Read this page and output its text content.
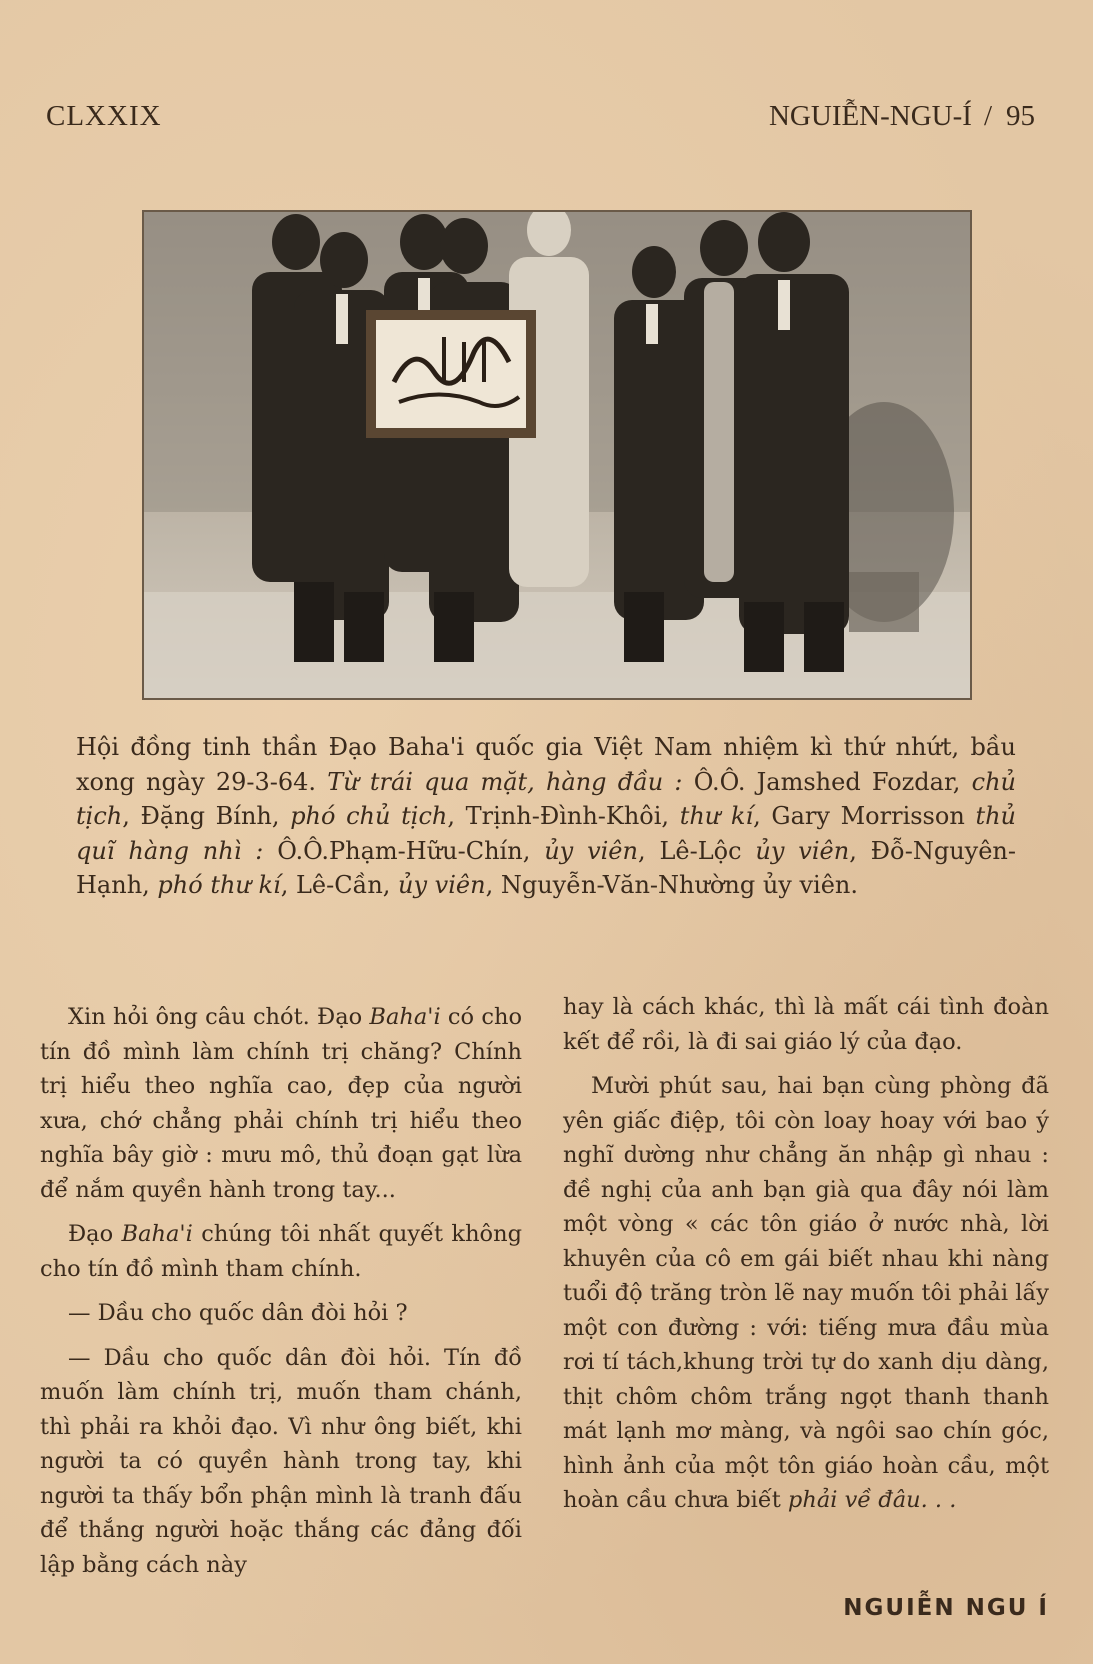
CLXXIX	NGUIỄN-NGU-Í / 95
Hội đồng tinh thần Đạo Baha'i quốc gia Việt Nam nhiệm kì thứ nhứt, bầu xong ngày 29-3-64. Từ trái qua mặt, hàng đầu : Ô.Ô. Jamshed Fozdar, chủ tịch, Đặng Bính, phó chủ tịch, Trịnh-Đình-Khôi, thư kí, Gary Morrisson thủ quĩ hàng nhì : Ô.Ô.Phạm-Hữu-Chín, ủy viên, Lê-Lộc ủy viên, Đỗ-Nguyên-Hạnh, phó thư kí, Lê-Cần, ủy viên, Nguyễn-Văn-Nhường ủy viên.

Xin hỏi ông câu chót. Đạo Baha'i có cho tín đồ mình làm chính trị chăng? Chính trị hiểu theo nghĩa cao, đẹp của người xưa, chớ chẳng phải chính trị hiểu theo nghĩa bây giờ : mưu mô, thủ đoạn gạt lừa để nắm quyền hành trong tay...

Đạo Baha'i chúng tôi nhất quyết không cho tín đồ mình tham chính.

— Dầu cho quốc dân đòi hỏi ?

— Dầu cho quốc dân đòi hỏi. Tín đồ muốn làm chính trị, muốn tham chánh, thì phải ra khỏi đạo. Vì như ông biết, khi người ta có quyền hành trong tay, khi người ta thấy bổn phận mình là tranh đấu để thắng người hoặc thắng các đảng đối lập bằng cách này

hay là cách khác, thì là mất cái tình đoàn kết để rồi, là đi sai giáo lý của đạo.

Mười phút sau, hai bạn cùng phòng đã yên giấc điệp, tôi còn loay hoay với bao ý nghĩ dường như chẳng ăn nhập gì nhau : đề nghị của anh bạn già qua đây nói làm một vòng « các tôn giáo ở nước nhà, lời khuyên của cô em gái biết nhau khi nàng tuổi độ trăng tròn lẽ nay muốn tôi phải lấy một con đường : với: tiếng mưa đầu mùa rơi tí tách,khung trời tự do xanh dịu dàng, thịt chôm chôm trắng ngọt thanh thanh mát lạnh mơ màng, và ngôi sao chín góc, hình ảnh của một tôn giáo hoàn cầu, một hoàn cầu chưa biết phải về đâu. . .

NGUIỄN NGU Í
